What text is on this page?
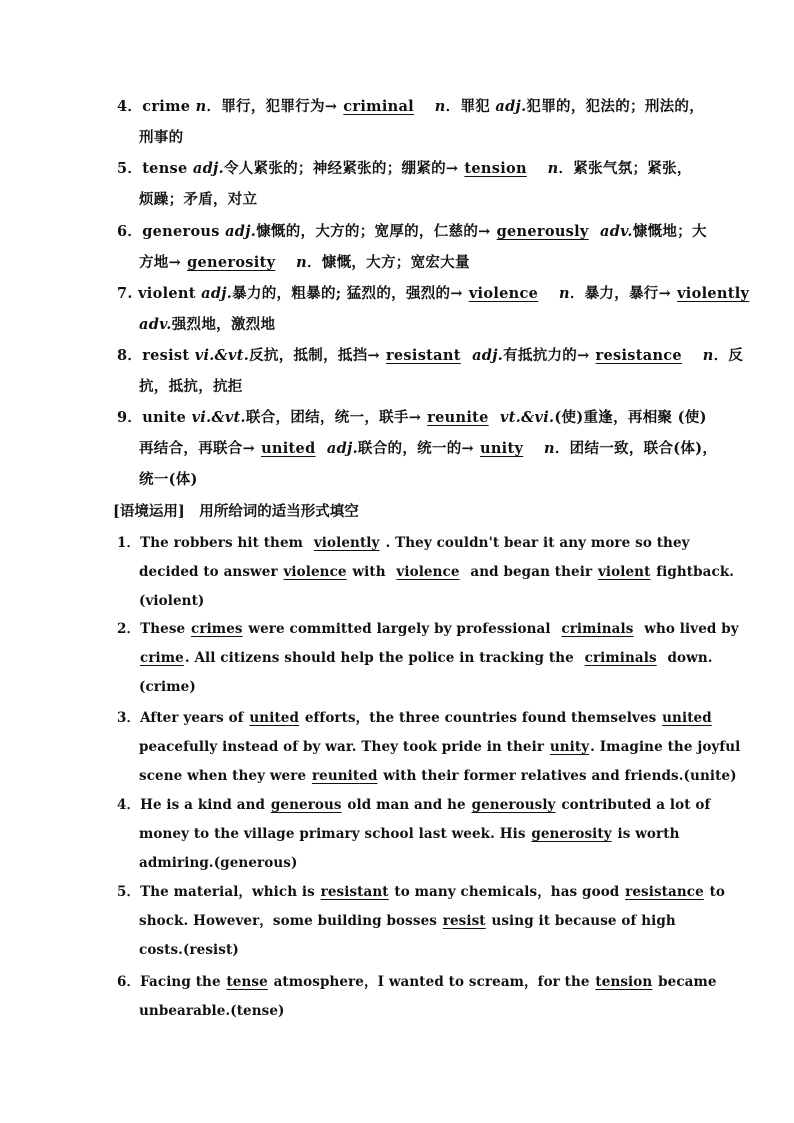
4．crime n．罪行，犯罪行为→ criminal　 n．罪犯 adj.犯罪的，犯法的；刑法的，
刑事的
5．tense adj.令人紧张的；神经紧张的；绷紧的→ tension　 n．紧张气氛；紧张，
烦躁；矛盾，对立
6．generous adj.慷慨的，大方的；宽厚的，仁慈的→ generously adv.慷慨地；大
方地→ generosity　 n．慷慨，大方；宽宏大量
7. violent adj.暴力的，粗暴的; 猛烈的，强烈的→ violence　 n．暴力，暴行→ violently
adv.强烈地，激烈地
8．resist vi.&vt.反抗，抵制，抵挡→ resistant adj.有抵抗力的→ resistance　 n．反
抗，抵抗，抗拒
9．unite vi.&vt.联合，团结，统一，联手→ reunite vt.&vi.(使)重逢，再相聚 (使)
再结合，再联合→ united adj.联合的，统一的→ unity　 n．团结一致，联合(体)，
统一(体)
[语境运用]　用所给词的适当形式填空
1．The robbers hit them violently . They couldn't bear it any more so they
decided to answer violence with violence and began their violent fightback.
(violent)
2．These crimes were committed largely by professional criminals who lived by
crime. All citizens should help the police in tracking the criminals down.
(crime)
3．After years of united efforts，the three countries found themselves united
peacefully instead of by war. They took pride in their unity. Imagine the joyful
scene when they were reunited with their former relatives and friends.(unite)
4．He is a kind and generous old man and he generously contributed a lot of
money to the village primary school last week. His generosity is worth
admiring.(generous)
5．The material，which is resistant to many chemicals，has good resistance to
shock. However，some building bosses resist using it because of high
costs.(resist)
6．Facing the tense atmosphere，I wanted to scream，for the tension became
unbearable.(tense)
